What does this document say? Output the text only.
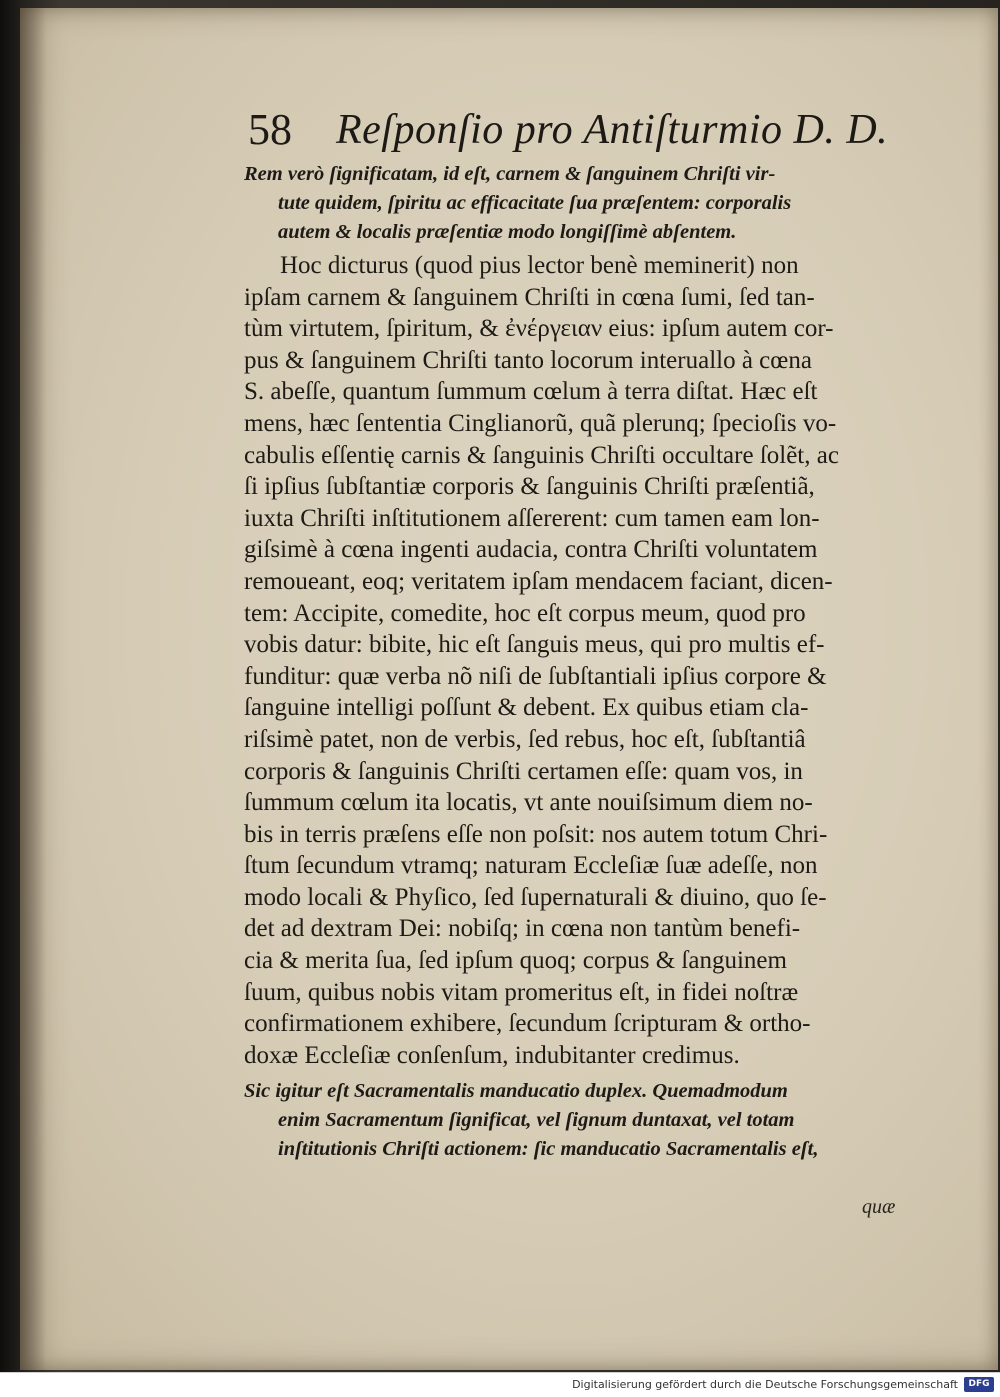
58 Reſponſio pro Antiſturmio D. D.
Rem verò ſignificatam, id eſt, carnem & ſanguinem Chriſti vir-
tute quidem, ſpiritu ac efficacitate ſua præſentem: corporalis
autem & localis præſentiæ modo longiſſimè abſentem.
Hoc dicturus (quod pius lector benè meminerit) non
ipſam carnem & ſanguinem Chriſti in cœna ſumi, ſed tan-
tùm virtutem, ſpiritum, & ἐνέργειαν eius: ipſum autem cor-
pus & ſanguinem Chriſti tanto locorum interuallo à cœna
S. abeſſe, quantum ſummum cœlum à terra diſtat. Hæc eſt
mens, hæc ſententia Cinglianorũ, quã plerunq; ſpecioſis vo-
cabulis eſſentię carnis & ſanguinis Chriſti occultare ſolẽt, ac
ſi ipſius ſubſtantiæ corporis & ſanguinis Chriſti præſentiã,
iuxta Chriſti inſtitutionem aſſererent: cum tamen eam lon-
giſsimè à cœna ingenti audacia, contra Chriſti voluntatem
remoueant, eoq; veritatem ipſam mendacem faciant, dicen-
tem: Accipite, comedite, hoc eſt corpus meum, quod pro
vobis datur: bibite, hic eſt ſanguis meus, qui pro multis ef-
funditur: quæ verba nõ niſi de ſubſtantiali ipſius corpore &
ſanguine intelligi poſſunt & debent. Ex quibus etiam cla-
riſsimè patet, non de verbis, ſed rebus, hoc eſt, ſubſtantiâ
corporis & ſanguinis Chriſti certamen eſſe: quam vos, in
ſummum cœlum ita locatis, vt ante nouiſsimum diem no-
bis in terris præſens eſſe non poſsit: nos autem totum Chri-
ſtum ſecundum vtramq; naturam Eccleſiæ ſuæ adeſſe, non
modo locali & Phyſico, ſed ſupernaturali & diuino, quo ſe-
det ad dextram Dei: nobiſq; in cœna non tantùm benefi-
cia & merita ſua, ſed ipſum quoq; corpus & ſanguinem
ſuum, quibus nobis vitam promeritus eſt, in fidei noſtræ
confirmationem exhibere, ſecundum ſcripturam & ortho-
doxæ Eccleſiæ conſenſum, indubitanter credimus.
Sic igitur eſt Sacramentalis manducatio duplex. Quemadmodum
enim Sacramentum ſignificat, vel ſignum duntaxat, vel totam
inſtitutionis Chriſti actionem: ſic manducatio Sacramentalis eſt,
quæ
Digitalisierung gefördert durch die Deutsche Forschungsgemeinschaft	DFG
